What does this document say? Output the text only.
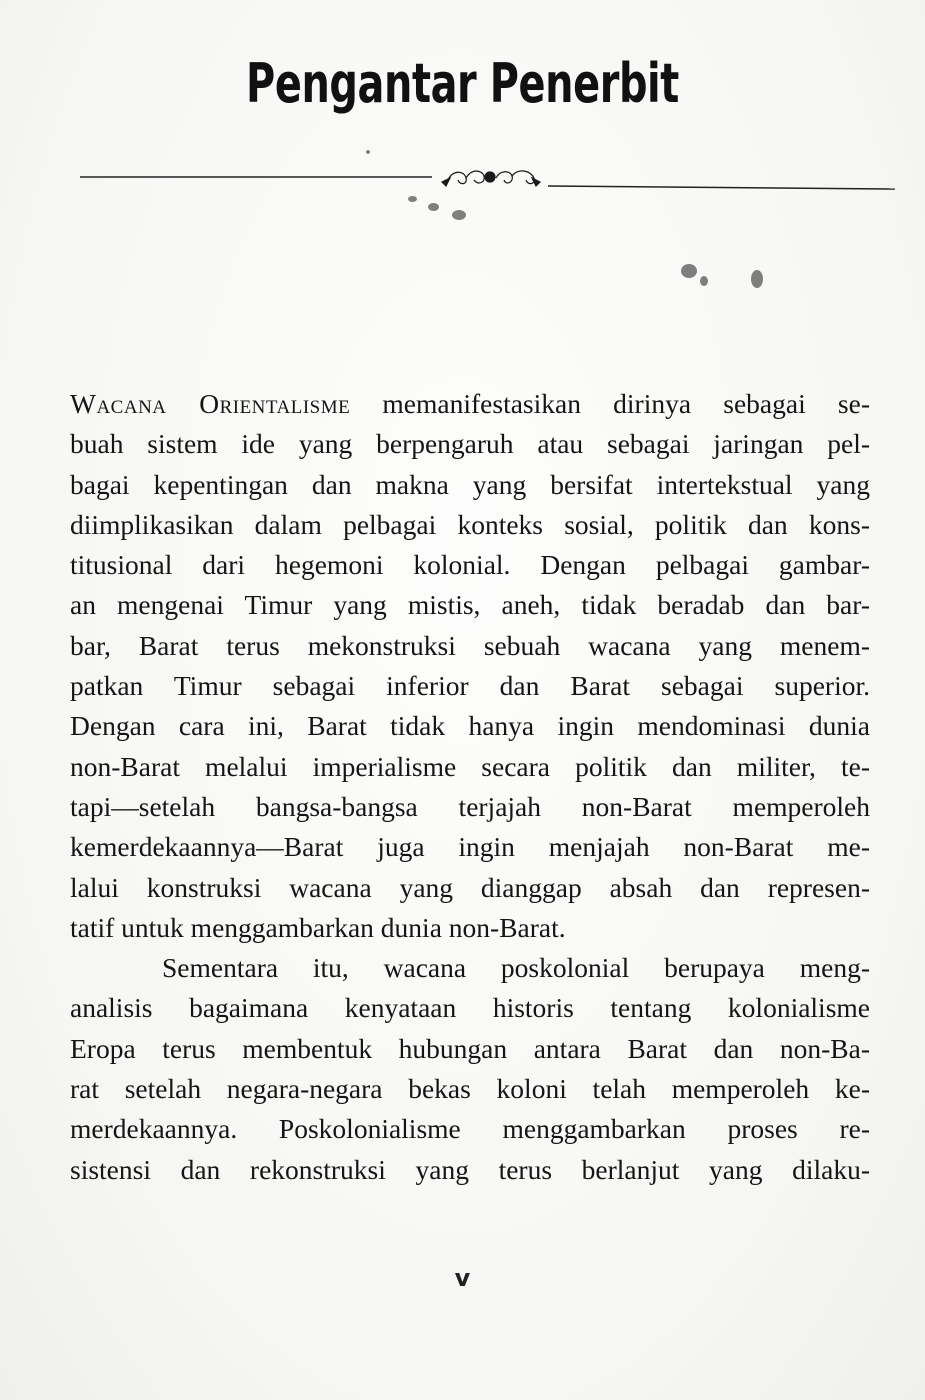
Pengantar Penerbit
Wacana Orientalisme memanifestasikan dirinya sebagai se-
buah sistem ide yang berpengaruh atau sebagai jaringan pel-
bagai kepentingan dan makna yang bersifat intertekstual yang
diimplikasikan dalam pelbagai konteks sosial, politik dan kons-
titusional dari hegemoni kolonial. Dengan pelbagai gambar-
an mengenai Timur yang mistis, aneh, tidak beradab dan bar-
bar, Barat terus mekonstruksi sebuah wacana yang menem-
patkan Timur sebagai inferior dan Barat sebagai superior.
Dengan cara ini, Barat tidak hanya ingin mendominasi dunia
non-Barat melalui imperialisme secara politik dan militer, te-
tapi—setelah bangsa-bangsa terjajah non-Barat memperoleh
kemerdekaannya—Barat juga ingin menjajah non-Barat me-
lalui konstruksi wacana yang dianggap absah dan represen-
tatif untuk menggambarkan dunia non-Barat.
Sementara itu, wacana poskolonial berupaya meng-
analisis bagaimana kenyataan historis tentang kolonialisme
Eropa terus membentuk hubungan antara Barat dan non-Ba-
rat setelah negara-negara bekas koloni telah memperoleh ke-
merdekaannya. Poskolonialisme menggambarkan proses re-
sistensi dan rekonstruksi yang terus berlanjut yang dilaku-
v
